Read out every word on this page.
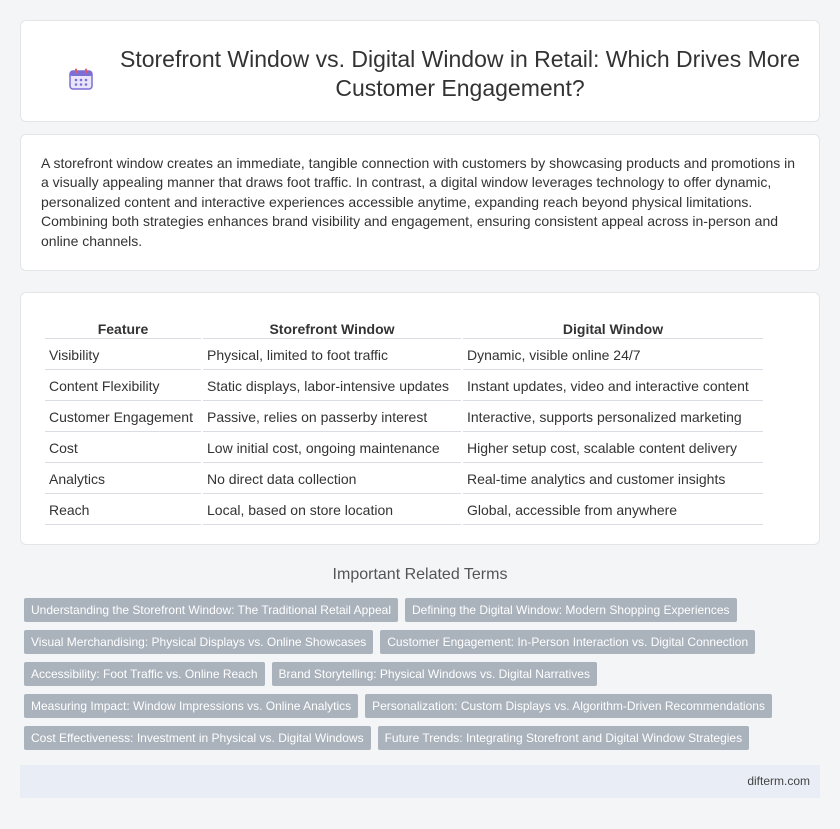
Storefront Window vs. Digital Window in Retail: Which Drives More Customer Engagement?

A storefront window creates an immediate, tangible connection with customers by showcasing products and promotions in a visually appealing manner that draws foot traffic. In contrast, a digital window leverages technology to offer dynamic, personalized content and interactive experiences accessible anytime, expanding reach beyond physical limitations. Combining both strategies enhances brand visibility and engagement, ensuring consistent appeal across in-person and online channels.

Feature	Storefront Window	Digital Window
Visibility	Physical, limited to foot traffic	Dynamic, visible online 24/7
Content Flexibility	Static displays, labor-intensive updates	Instant updates, video and interactive content
Customer Engagement	Passive, relies on passerby interest	Interactive, supports personalized marketing
Cost	Low initial cost, ongoing maintenance	Higher setup cost, scalable content delivery
Analytics	No direct data collection	Real-time analytics and customer insights
Reach	Local, based on store location	Global, accessible from anywhere
Important Related Terms
Understanding the Storefront Window: The Traditional Retail Appeal	Defining the Digital Window: Modern Shopping Experiences
Visual Merchandising: Physical Displays vs. Online Showcases	Customer Engagement: In-Person Interaction vs. Digital Connection
Accessibility: Foot Traffic vs. Online Reach	Brand Storytelling: Physical Windows vs. Digital Narratives
Measuring Impact: Window Impressions vs. Online Analytics	Personalization: Custom Displays vs. Algorithm-Driven Recommendations
Cost Effectiveness: Investment in Physical vs. Digital Windows	Future Trends: Integrating Storefront and Digital Window Strategies
difterm.com
